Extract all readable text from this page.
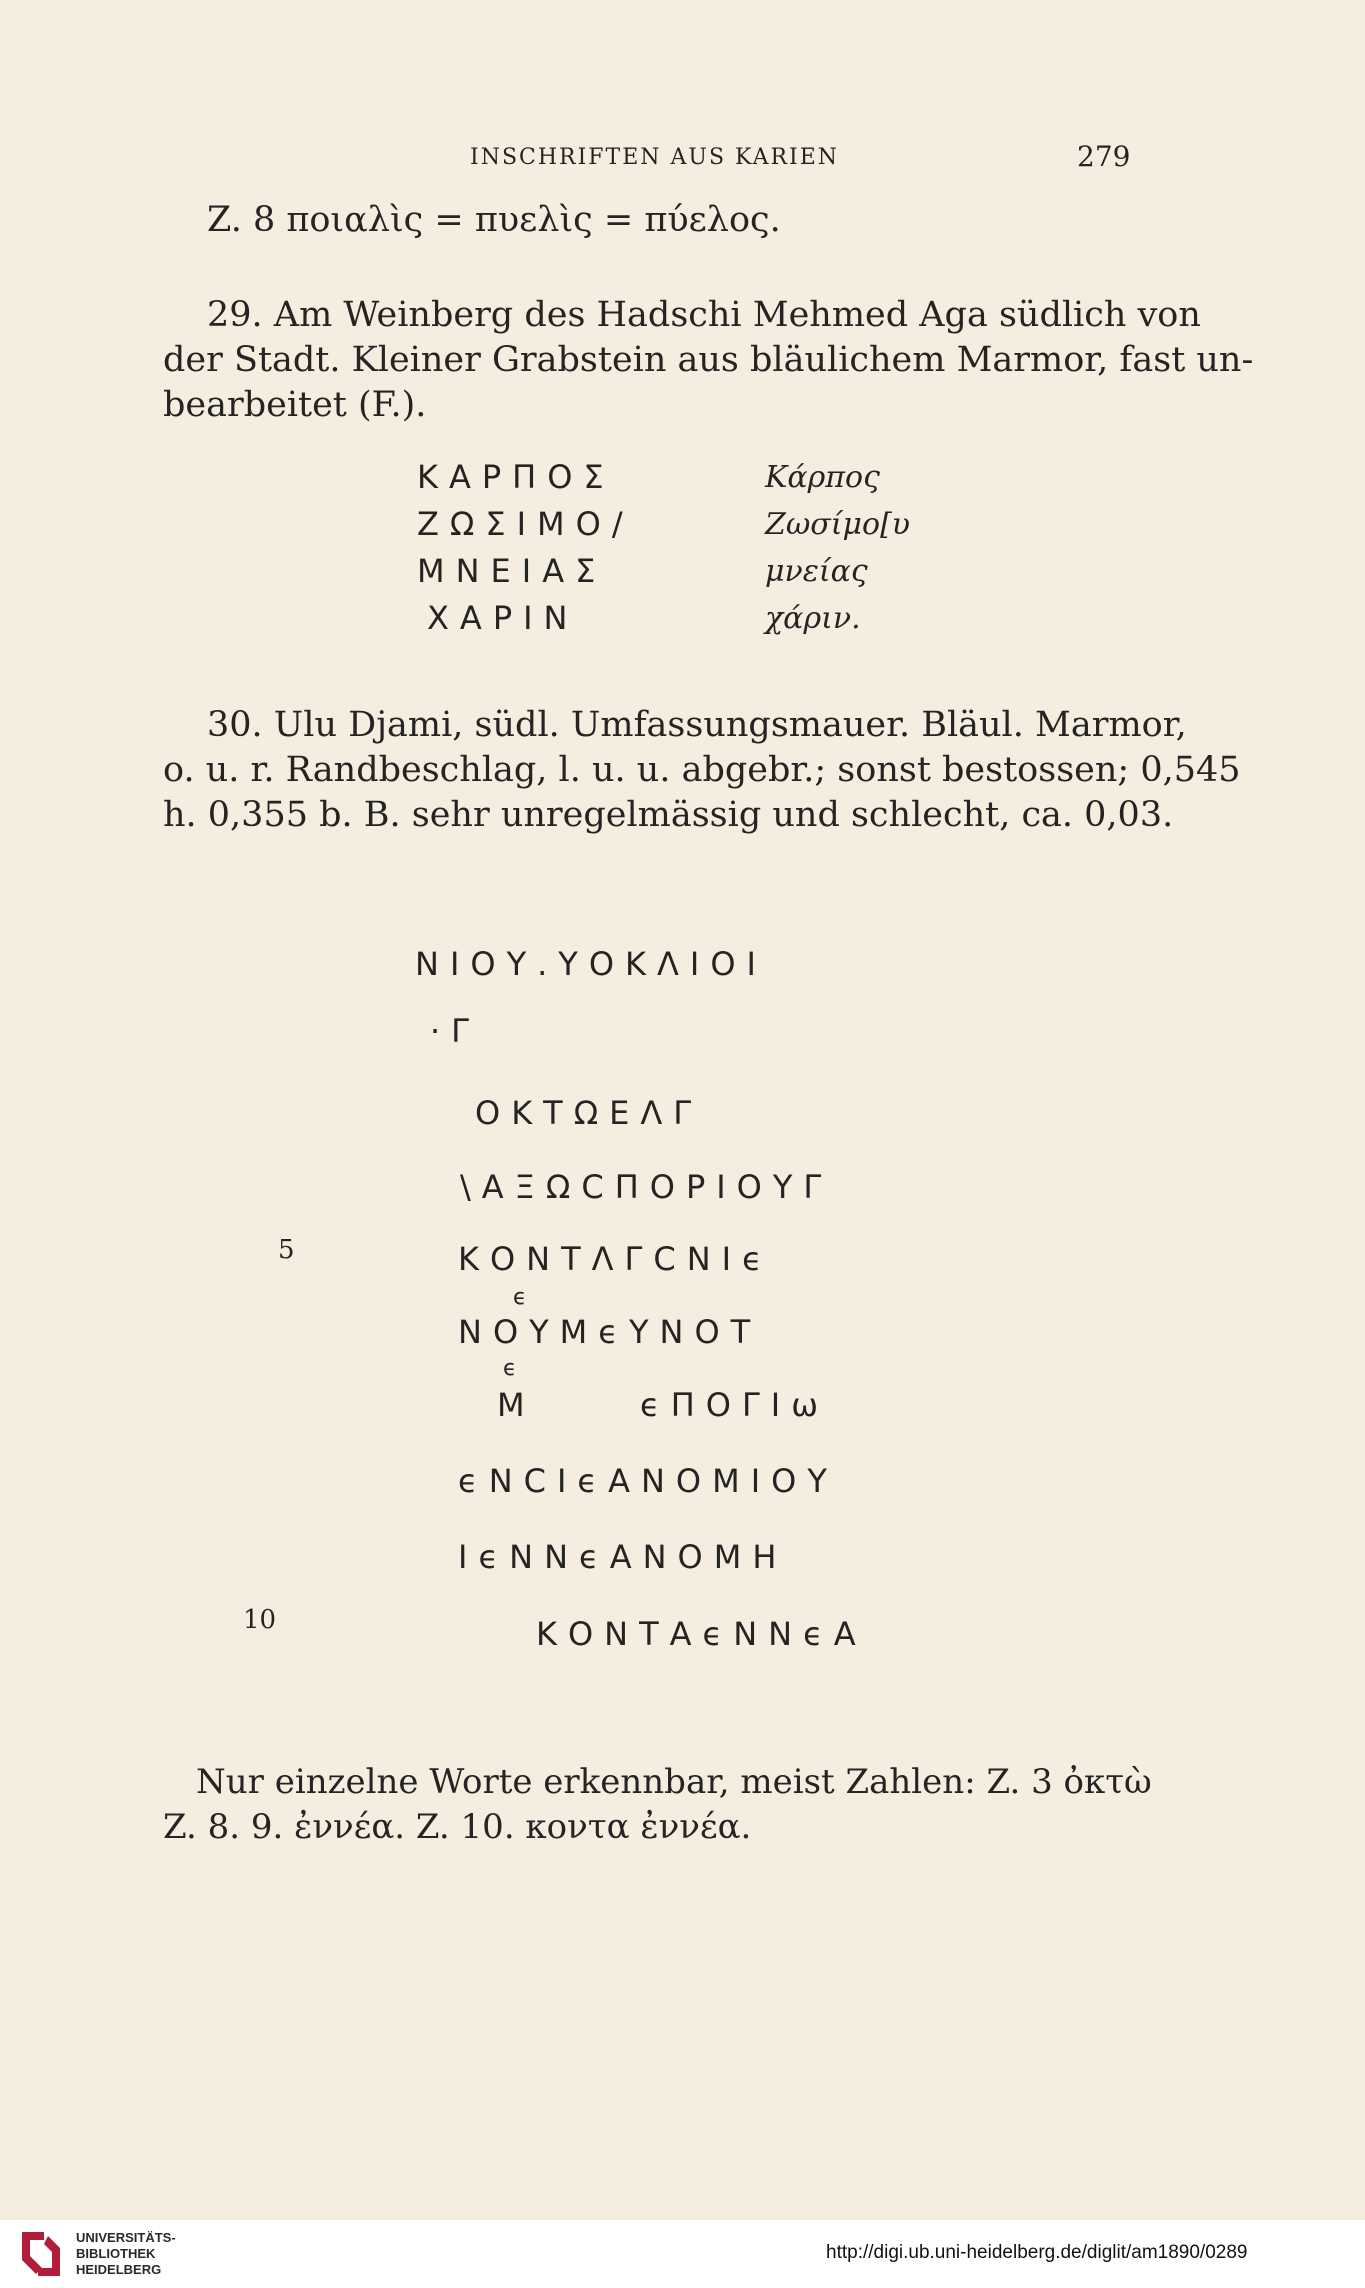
INSCHRIFTEN AUS KARIEN	279
Z. 8 ποιαλὶς = πυελὶς = πύελος.
29. Am Weinberg des Hadschi Mehmed Aga südlich von
der Stadt. Kleiner Grabstein aus bläulichem Marmor, fast un-
bearbeitet (F.).
ΚΑΡΠΟΣ
ΖΩΣΙΜΟ/
ΜΝΕΙΑΣ
ΧΑΡΙΝ
Κάρπος
Ζωσίμο[υ
μνείας
χάριν.
30. Ulu Djami, südl. Umfassungsmauer. Bläul. Marmor,
o. u. r. Randbeschlag, l. u. u. abgebr.; sonst bestossen; 0,545
h. 0,355 b. B. sehr unregelmässig und schlecht, ca. 0,03.
ΝΙΟΥ.ΥΟΚΛΙΟΙ
·Γ
ΟΚΤΩΕΛΓ
\ΑΞΩϹΠΟΡΙΟΥΓ
ΚΟΝΤΛΓϹΝΙϵ
ϵ
ΝΟΥΜϵΥΝΟΤ
ϵ
Μ	ϵΠΟΓΙω
ϵΝϹΙϵΑΝΟΜΙΟΥ
ΙϵΝΝϵΑΝΟΜΗ
ΚΟΝΤΑϵΝΝϵΑ
5
10
Nur einzelne Worte erkennbar, meist Zahlen: Z. 3 ὀκτὼ
Z. 8. 9. ἐννέα. Z. 10. κοντα ἐννέα.
UNIVERSITÄTS-
BIBLIOTHEK
HEIDELBERG
http://digi.ub.uni-heidelberg.de/diglit/am1890/0289
